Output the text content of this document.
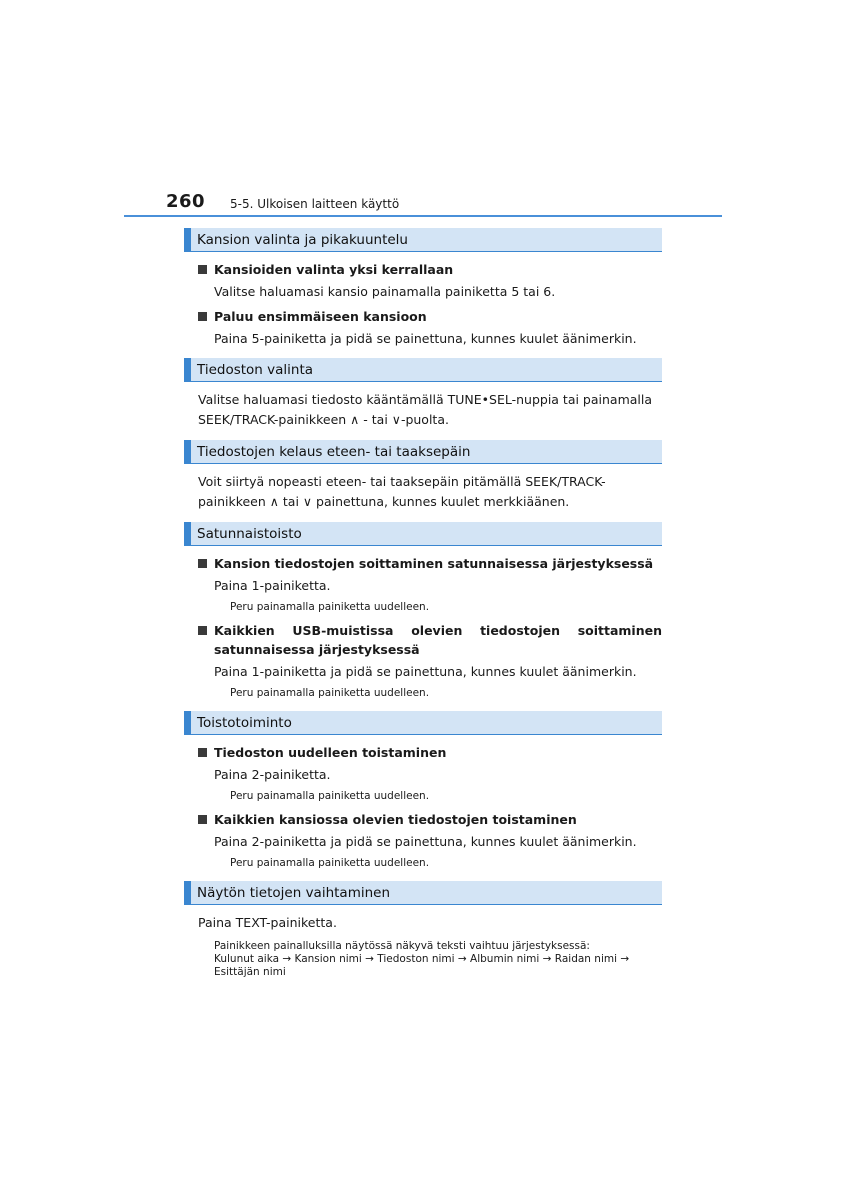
260 5-5. Ulkoisen laitteen käyttö
Kansion valinta ja pikakuuntelu
Kansioiden valinta yksi kerrallaan
Valitse haluamasi kansio painamalla painiketta 5 tai 6.
Paluu ensimmäiseen kansioon
Paina 5-painiketta ja pidä se painettuna, kunnes kuulet äänimerkin.
Tiedoston valinta
Valitse haluamasi tiedosto kääntämällä TUNE•SEL-nuppia tai painamalla SEEK/TRACK-painikkeen ∧ - tai ∨-puolta.
Tiedostojen kelaus eteen- tai taaksepäin
Voit siirtyä nopeasti eteen- tai taaksepäin pitämällä SEEK/TRACK-painikkeen ∧ tai ∨ painettuna, kunnes kuulet merkkiäänen.
Satunnaistoisto
Kansion tiedostojen soittaminen satunnaisessa järjestyksessä
Paina 1-painiketta.
Peru painamalla painiketta uudelleen.
Kaikkien USB-muistissa olevien tiedostojen soittaminen satunnaisessa järjestyksessä
Paina 1-painiketta ja pidä se painettuna, kunnes kuulet äänimerkin.
Peru painamalla painiketta uudelleen.
Toistotoiminto
Tiedoston uudelleen toistaminen
Paina 2-painiketta.
Peru painamalla painiketta uudelleen.
Kaikkien kansiossa olevien tiedostojen toistaminen
Paina 2-painiketta ja pidä se painettuna, kunnes kuulet äänimerkin.
Peru painamalla painiketta uudelleen.
Näytön tietojen vaihtaminen
Paina TEXT-painiketta.
Painikkeen painalluksilla näytössä näkyvä teksti vaihtuu järjestyksessä:
Kulunut aika → Kansion nimi → Tiedoston nimi → Albumin nimi → Raidan nimi →
Esittäjän nimi
